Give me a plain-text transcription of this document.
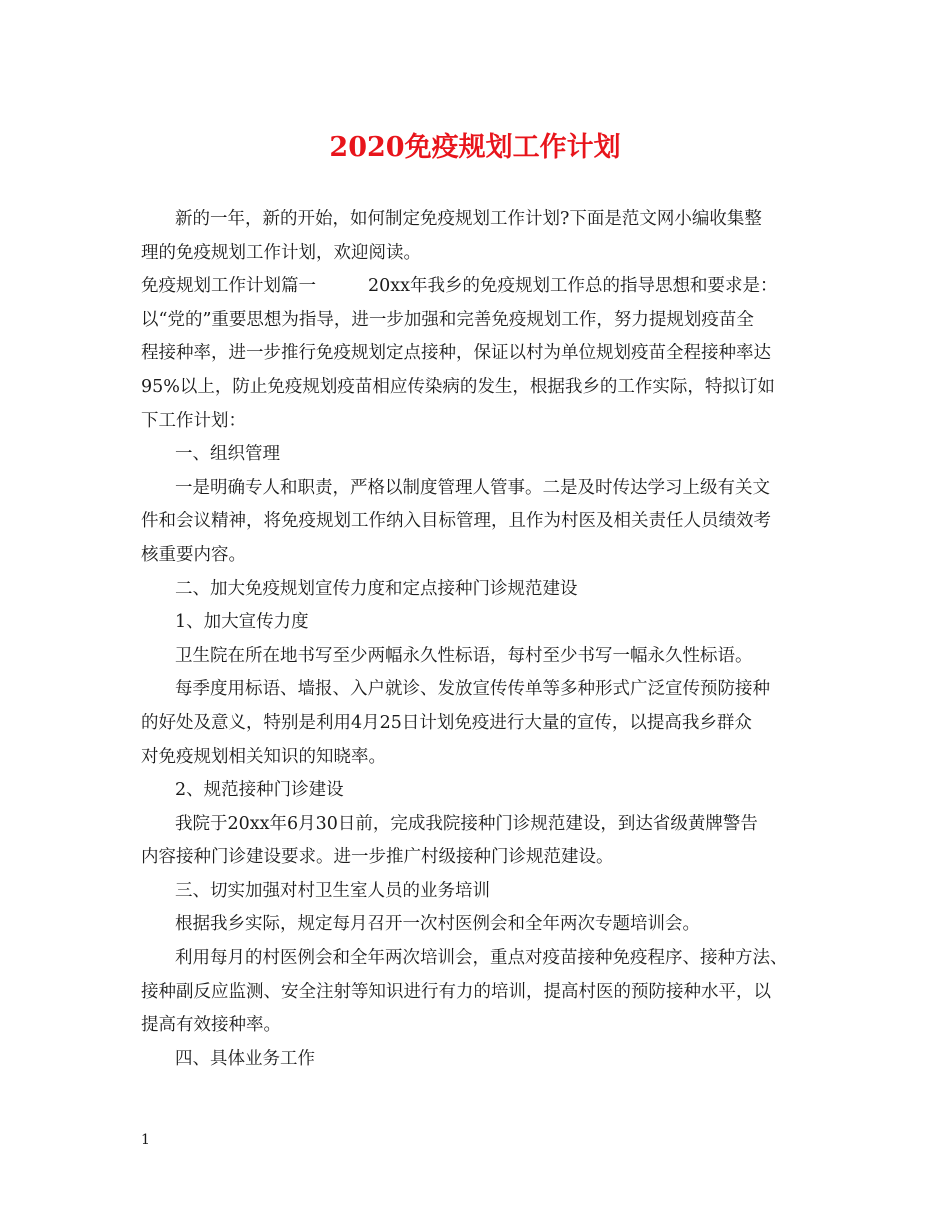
2020免疫规划工作计划

新的一年，新的开始，如何制定免疫规划工作计划?下面是范文网小编收集整

理的免疫规划工作计划，欢迎阅读。

免疫规划工作计划篇一	20xx年我乡的免疫规划工作总的指导思想和要求是：

以“党的”重要思想为指导，进一步加强和完善免疫规划工作，努力提规划疫苗全

程接种率，进一步推行免疫规划定点接种，保证以村为单位规划疫苗全程接种率达

95%以上，防止免疫规划疫苗相应传染病的发生，根据我乡的工作实际，特拟订如

下工作计划：

一、组织管理

一是明确专人和职责，严格以制度管理人管事。二是及时传达学习上级有关文

件和会议精神，将免疫规划工作纳入目标管理，且作为村医及相关责任人员绩效考

核重要内容。

二、加大免疫规划宣传力度和定点接种门诊规范建设

1、加大宣传力度

卫生院在所在地书写至少两幅永久性标语，每村至少书写一幅永久性标语。

每季度用标语、墙报、入户就诊、发放宣传传单等多种形式广泛宣传预防接种

的好处及意义，特别是利用4月25日计划免疫进行大量的宣传，以提高我乡群众

对免疫规划相关知识的知晓率。

2、规范接种门诊建设

我院于20xx年6月30日前，完成我院接种门诊规范建设，到达省级黄牌警告

内容接种门诊建设要求。进一步推广村级接种门诊规范建设。

三、切实加强对村卫生室人员的业务培训

根据我乡实际，规定每月召开一次村医例会和全年两次专题培训会。

利用每月的村医例会和全年两次培训会，重点对疫苗接种免疫程序、接种方法、

接种副反应监测、安全注射等知识进行有力的培训，提高村医的预防接种水平，以

提高有效接种率。

四、具体业务工作

1
